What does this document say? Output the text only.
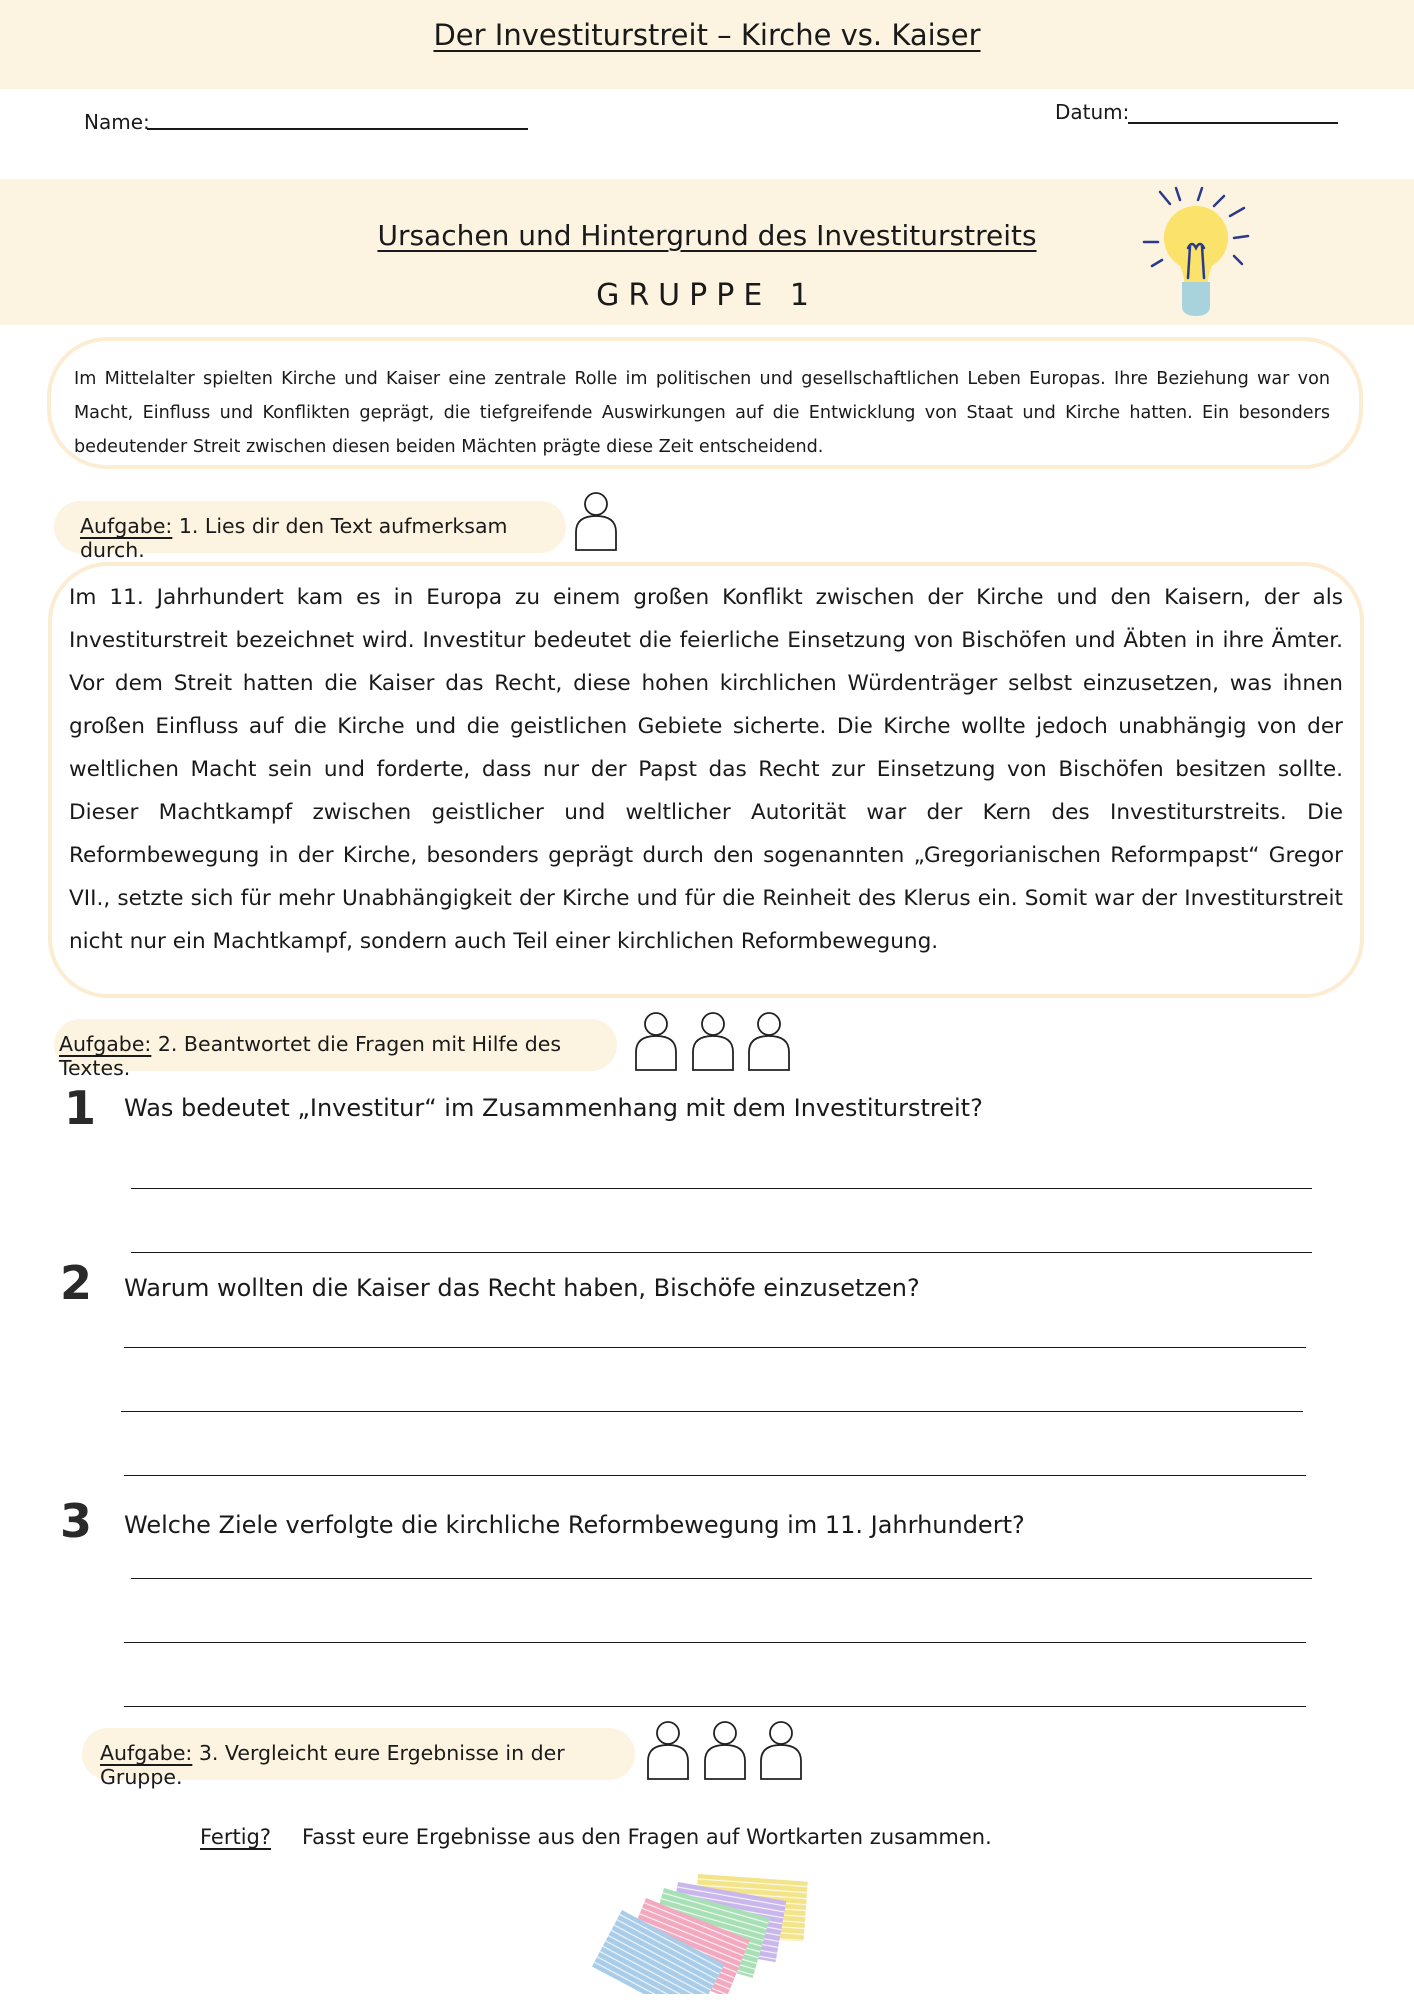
Der Investiturstreit – Kirche vs. Kaiser
Name:	Datum:
Ursachen und Hintergrund des Investiturstreits
GRUPPE 1
Im Mittelalter spielten Kirche und Kaiser eine zentrale Rolle im politischen und gesellschaftlichen Leben Europas. Ihre Beziehung war von Macht, Einfluss und Konflikten geprägt, die tiefgreifende Auswirkungen auf die Entwicklung von Staat und Kirche hatten. Ein besonders bedeutender Streit zwischen diesen beiden Mächten prägte diese Zeit entscheidend.
Aufgabe: 1. Lies dir den Text aufmerksam durch.
Im 11. Jahrhundert kam es in Europa zu einem großen Konflikt zwischen der Kirche und den Kaisern, der als Investiturstreit bezeichnet wird. Investitur bedeutet die feierliche Einsetzung von Bischöfen und Äbten in ihre Ämter. Vor dem Streit hatten die Kaiser das Recht, diese hohen kirchlichen Würdenträger selbst einzusetzen, was ihnen großen Einfluss auf die Kirche und die geistlichen Gebiete sicherte. Die Kirche wollte jedoch unabhängig von der weltlichen Macht sein und forderte, dass nur der Papst das Recht zur Einsetzung von Bischöfen besitzen sollte. Dieser Machtkampf zwischen geistlicher und weltlicher Autorität war der Kern des Investiturstreits. Die Reformbewegung in der Kirche, besonders geprägt durch den sogenannten „Gregorianischen Reformpapst“ Gregor VII., setzte sich für mehr Unabhängigkeit der Kirche und für die Reinheit des Klerus ein. Somit war der Investiturstreit nicht nur ein Machtkampf, sondern auch Teil einer kirchlichen Reformbewegung.
Aufgabe: 2. Beantwortet die Fragen mit Hilfe des Textes.
1 Was bedeutet „Investitur“ im Zusammenhang mit dem Investiturstreit?
2 Warum wollten die Kaiser das Recht haben, Bischöfe einzusetzen?
3 Welche Ziele verfolgte die kirchliche Reformbewegung im 11. Jahrhundert?
Aufgabe: 3. Vergleicht eure Ergebnisse in der Gruppe.
Fertig? Fasst eure Ergebnisse aus den Fragen auf Wortkarten zusammen.
